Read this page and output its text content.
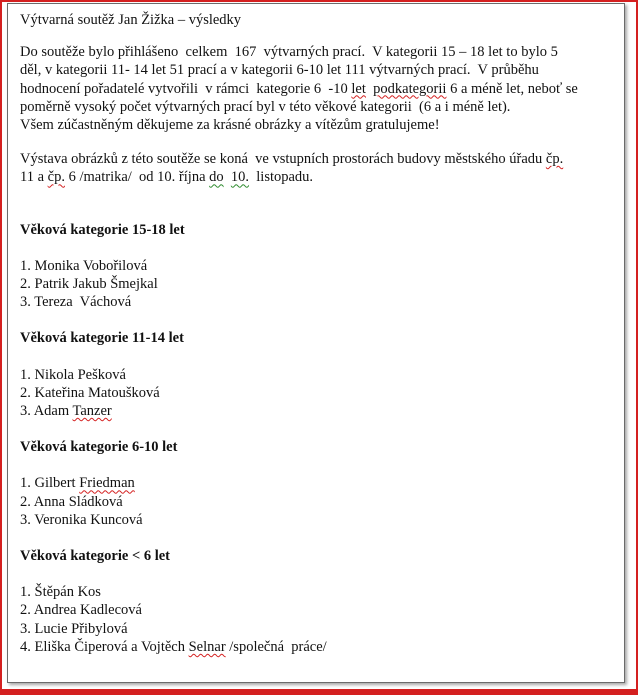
Výtvarná soutěž Jan Žižka – výsledky

Do soutěže bylo přihlášeno  celkem  167  výtvarných prací.  V kategorii 15 – 18 let to bylo 5

děl, v kategorii 11- 14 let 51 prací a v kategorii 6-10 let 111 výtvarných prací.  V průběhu

hodnocení pořadatelé vytvořili  v rámci  kategorie 6  -10 let podkategorii 6 a méně let, neboť se

poměrně vysoký počet výtvarných prací byl v této věkové kategorii  (6 a i méně let).

Všem zúčastněným děkujeme za krásné obrázky a vítězům gratulujeme!

Výstava obrázků z této soutěže se koná  ve vstupních prostorách budovy městského úřadu čp.

11 a čp. 6 /matrika/  od 10. října do 10.  listopadu.

Věková kategorie 15-18 let

1. Monika Vobořilová
2. Patrik Jakub Šmejkal
3. Tereza  Váchová

Věková kategorie 11-14 let

1. Nikola Pešková
2. Kateřina Matoušková
3. Adam Tanzer

Věková kategorie 6-10 let

1. Gilbert Friedman
2. Anna Sládková
3. Veronika Kuncová

Věková kategorie < 6 let

1. Štěpán Kos
2. Andrea Kadlecová
3. Lucie Přibylová
4. Eliška Čiperová a Vojtěch Selnar /společná  práce/
